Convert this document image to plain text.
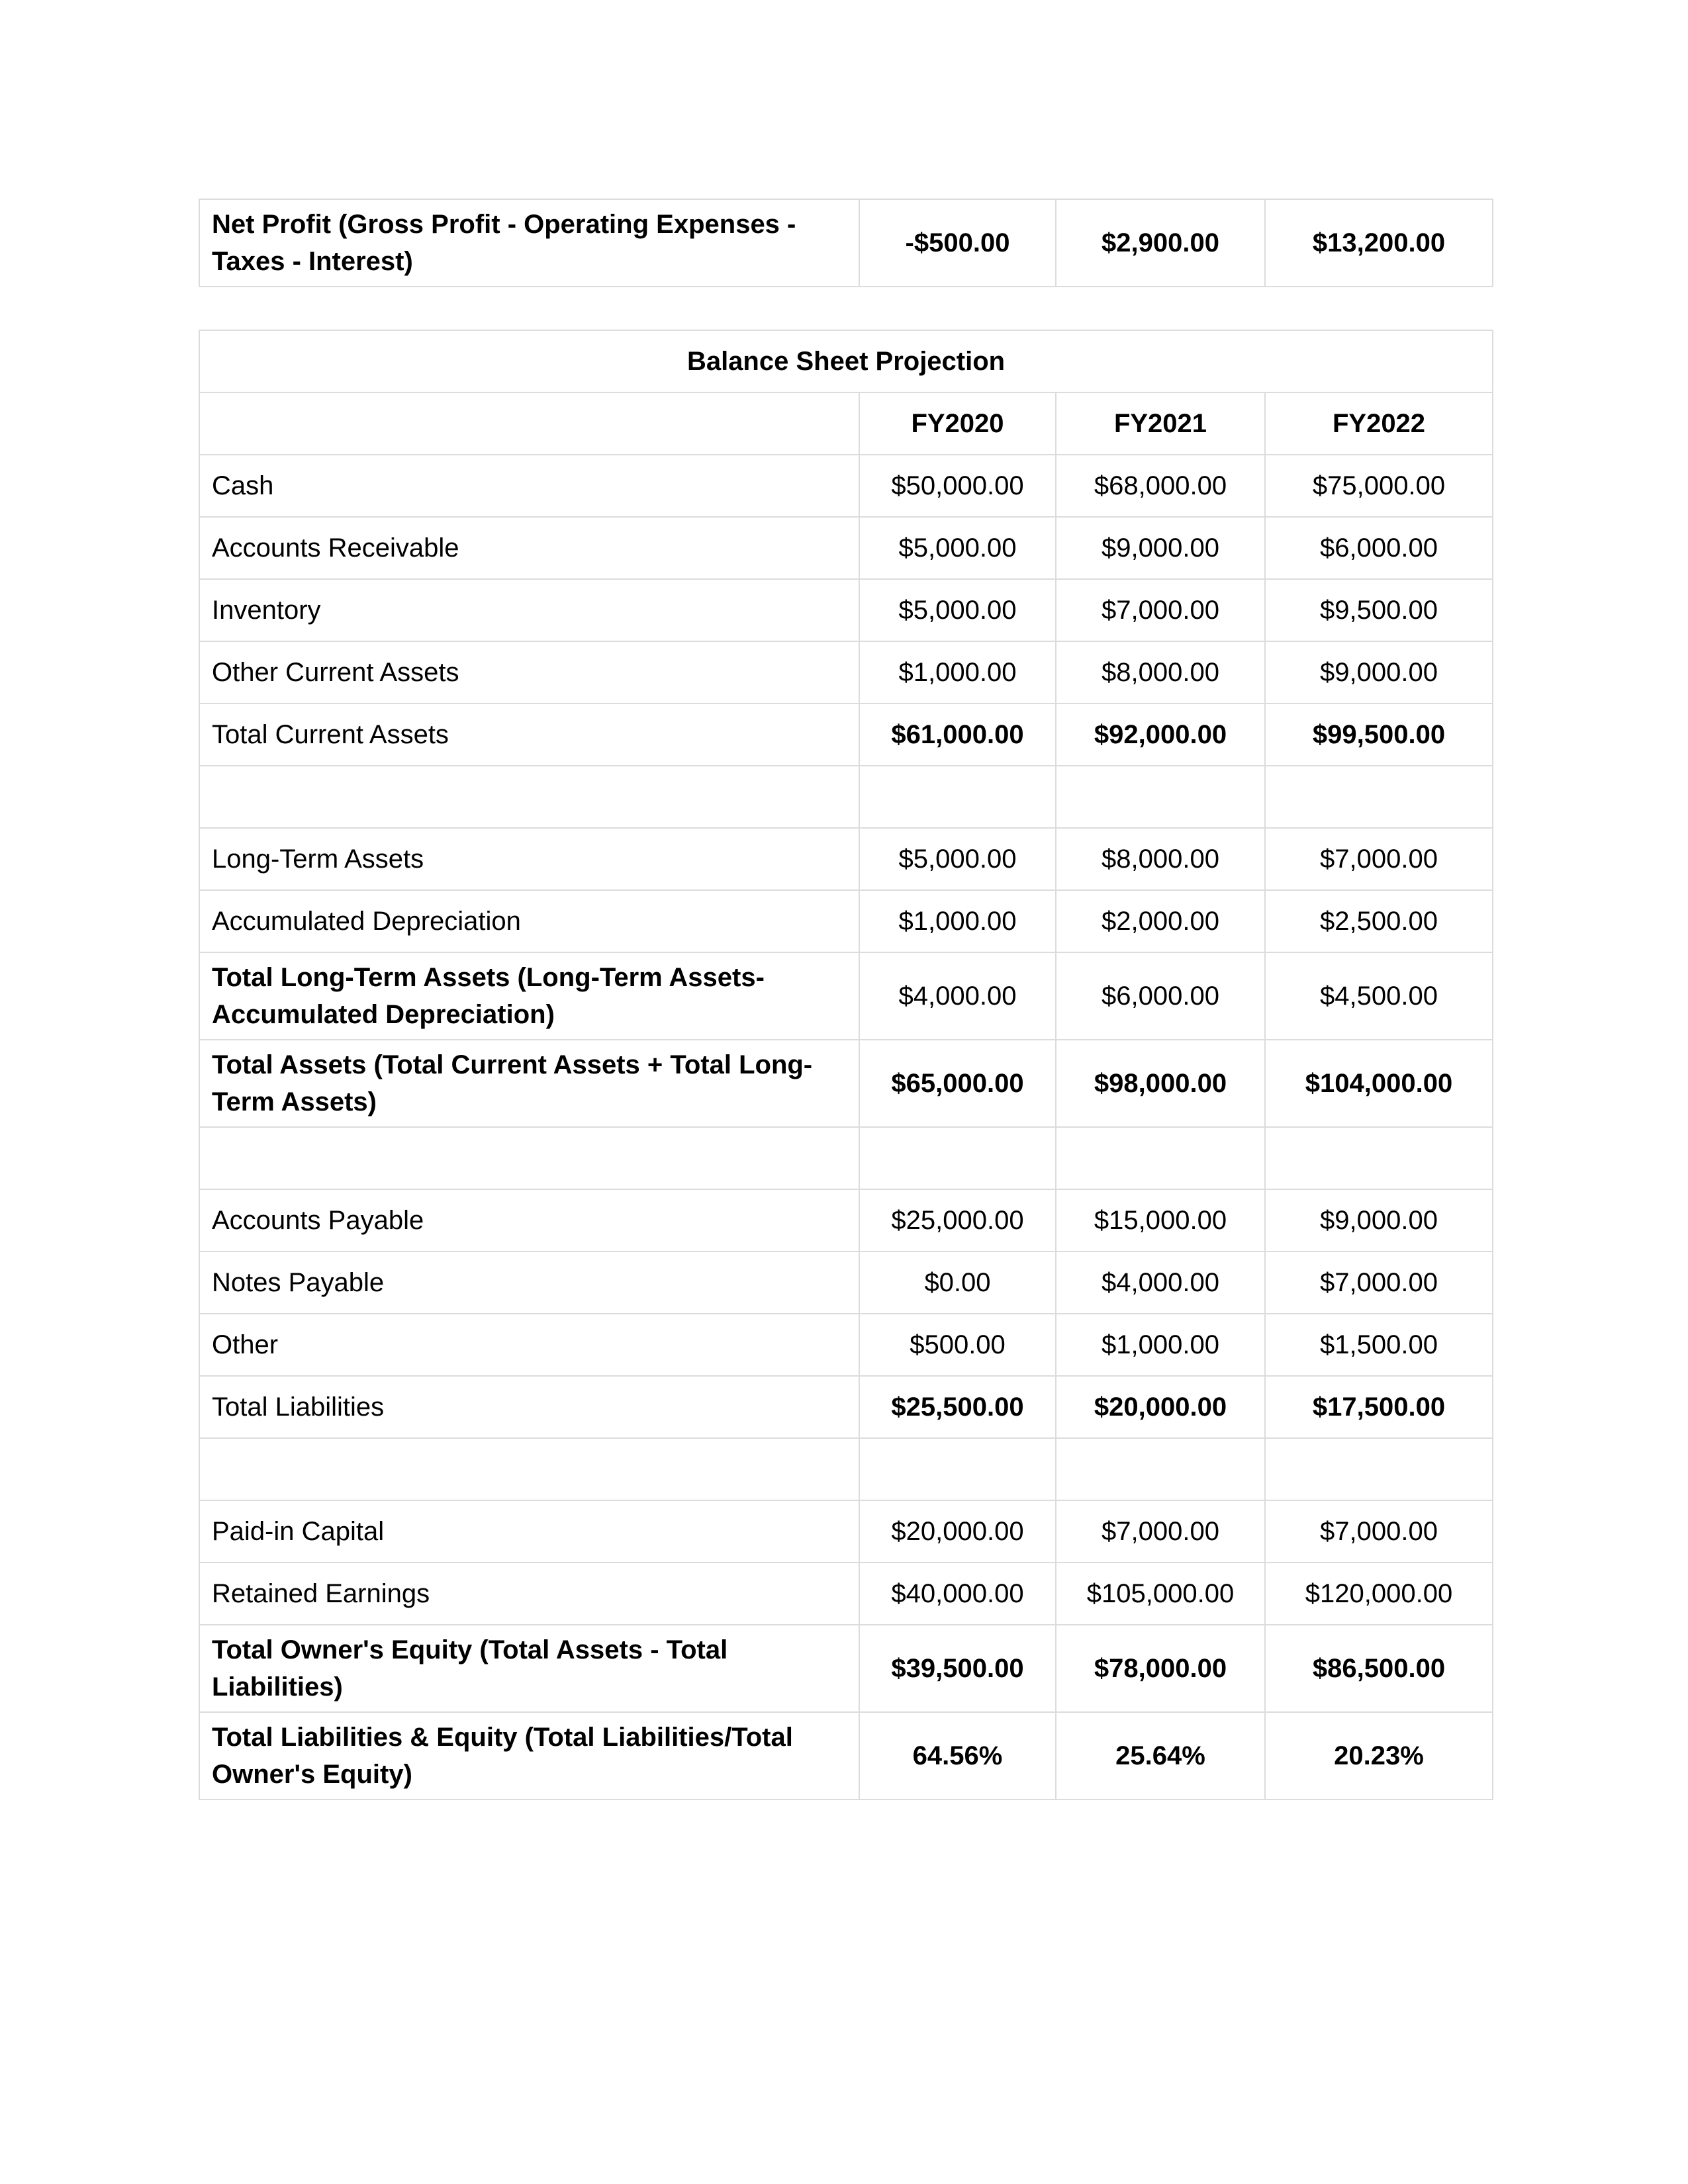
Net Profit (Gross Profit - Operating Expenses - Taxes - Interest)	-$500.00	$2,900.00	$13,200.00
Balance Sheet Projection			
	FY2020	FY2021	FY2022
Cash	$50,000.00	$68,000.00	$75,000.00
Accounts Receivable	$5,000.00	$9,000.00	$6,000.00
Inventory	$5,000.00	$7,000.00	$9,500.00
Other Current Assets	$1,000.00	$8,000.00	$9,000.00
Total Current Assets	$61,000.00	$92,000.00	$99,500.00

Long-Term Assets	$5,000.00	$8,000.00	$7,000.00
Accumulated Depreciation	$1,000.00	$2,000.00	$2,500.00
Total Long-Term Assets (Long-Term Assets-Accumulated Depreciation)	$4,000.00	$6,000.00	$4,500.00
Total Assets (Total Current Assets + Total Long-Term Assets)	$65,000.00	$98,000.00	$104,000.00

Accounts Payable	$25,000.00	$15,000.00	$9,000.00
Notes Payable	$0.00	$4,000.00	$7,000.00
Other	$500.00	$1,000.00	$1,500.00
Total Liabilities	$25,500.00	$20,000.00	$17,500.00

Paid-in Capital	$20,000.00	$7,000.00	$7,000.00
Retained Earnings	$40,000.00	$105,000.00	$120,000.00
Total Owner's Equity (Total Assets - Total Liabilities)	$39,500.00	$78,000.00	$86,500.00
Total Liabilities & Equity (Total Liabilities/Total Owner's Equity)	64.56%	25.64%	20.23%
